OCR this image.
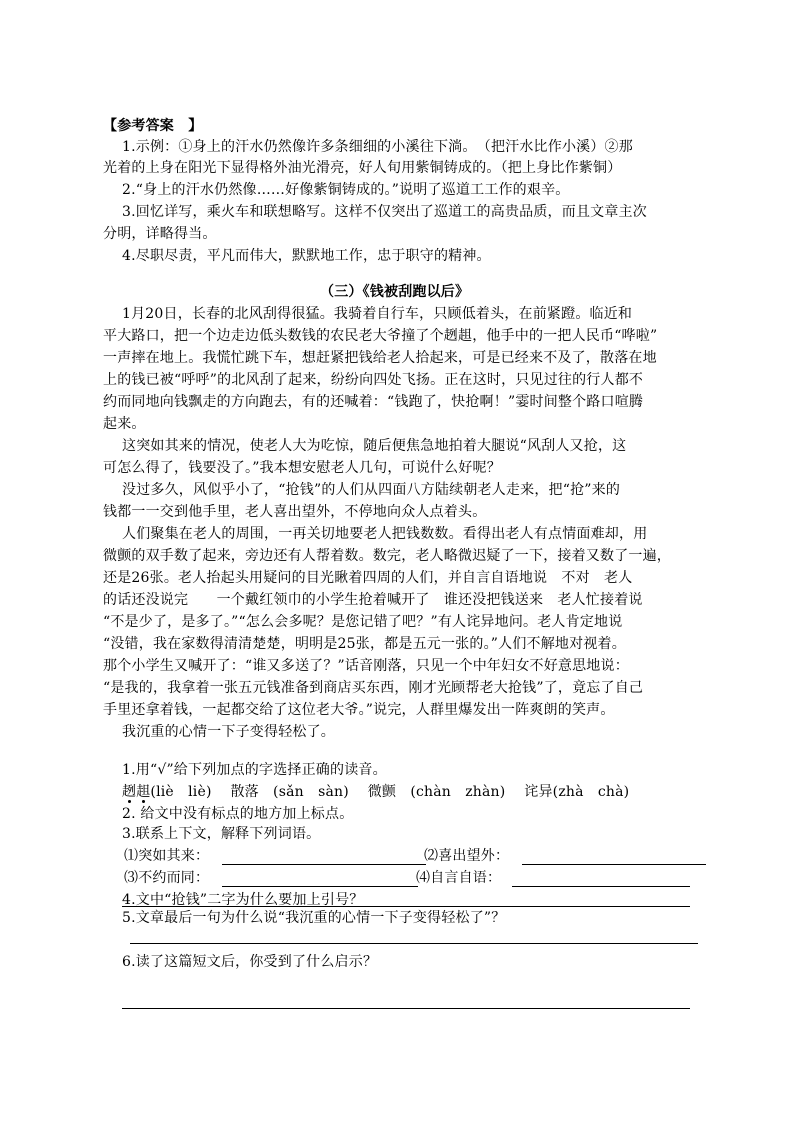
【参考答案　】
1.示例：①身上的汗水仍然像许多条细细的小溪往下淌。　（把汗水比作小溪）②那
光着的上身在阳光下显得格外油光滑亮，好人旬用紫铜铸成的。（把上身比作紫铜）
2.“身上的汗水仍然像……好像紫铜铸成的。”说明了巡道工工作的艰辛。
3.回忆详写，乘火车和联想略写。这样不仅突出了巡道工的高贵品质，而且文章主次
分明，详略得当。
4.尽职尽责，平凡而伟大，默默地工作，忠于职守的精神。
（三）《钱被刮跑以后》
1月20日，长春的北风刮得很猛。我骑着自行车，只顾低着头，在前紧蹬。临近和
平大路口，把一个边走边低头数钱的农民老大爷撞了个趔趄，他手中的一把人民币“哗啦”
一声摔在地上。我慌忙跳下车，想赶紧把钱给老人拾起来，可是已经来不及了，散落在地
上的钱已被“呼呼”的北风刮了起来，纷纷向四处飞扬。正在这时，只见过往的行人都不
约而同地向钱飘走的方向跑去，有的还喊着：“钱跑了，快抢啊！”霎时间整个路口喧腾
起来。
这突如其来的情况，使老人大为吃惊，随后便焦急地拍着大腿说“风刮人又抢，这
可怎么得了，钱要没了。”我本想安慰老人几句，可说什么好呢？
没过多久，风似乎小了，“抢钱”的人们从四面八方陆续朝老人走来，把“抢”来的
钱都一一交到他手里，老人喜出望外，不停地向众人点着头。
人们聚集在老人的周围，一再关切地要老人把钱数数。看得出老人有点情面难却，用
微颤的双手数了起来，旁边还有人帮着数。数完，老人略微迟疑了一下，接着又数了一遍，
还是26张。老人抬起头用疑问的目光瞅着四周的人们，并自言自语地说　不对　老人
的话还没说完　　一个戴红领巾的小学生抢着喊开了　谁还没把钱送来　老人忙接着说
“不是少了，是多了。”“怎么会多呢？是您记错了吧？”有人诧异地问。老人肯定地说
“没错，我在家数得清清楚楚，明明是25张，都是五元一张的。”人们不解地对视着。
那个小学生又喊开了：“谁又多送了？”话音刚落，只见一个中年妇女不好意思地说：
“是我的，我拿着一张五元钱准备到商店买东西，刚才光顾帮老大抢钱”了，竟忘了自己
手里还拿着钱，一起都交给了这位老大爷。”说完，人群里爆发出一阵爽朗的笑声。
我沉重的心情一下子变得轻松了。
1.用“√”给下列加点的字选择正确的读音。
趔趄(liè　liè)　 散落　(sǎn　sàn)　 微颤　(chàn　zhàn)　 诧异(zhà　chà)
2. 给文中没有标点的地方加上标点。
3.联系上下文，解释下列词语。
⑴突如其来：	⑵喜出望外：
⑶不约而同：	⑷自言自语：
4.文中“抢钱”二字为什么要加上引号？
5.文章最后一句为什么说“我沉重的心情一下子变得轻松了”？
6.读了这篇短文后，你受到了什么启示？
